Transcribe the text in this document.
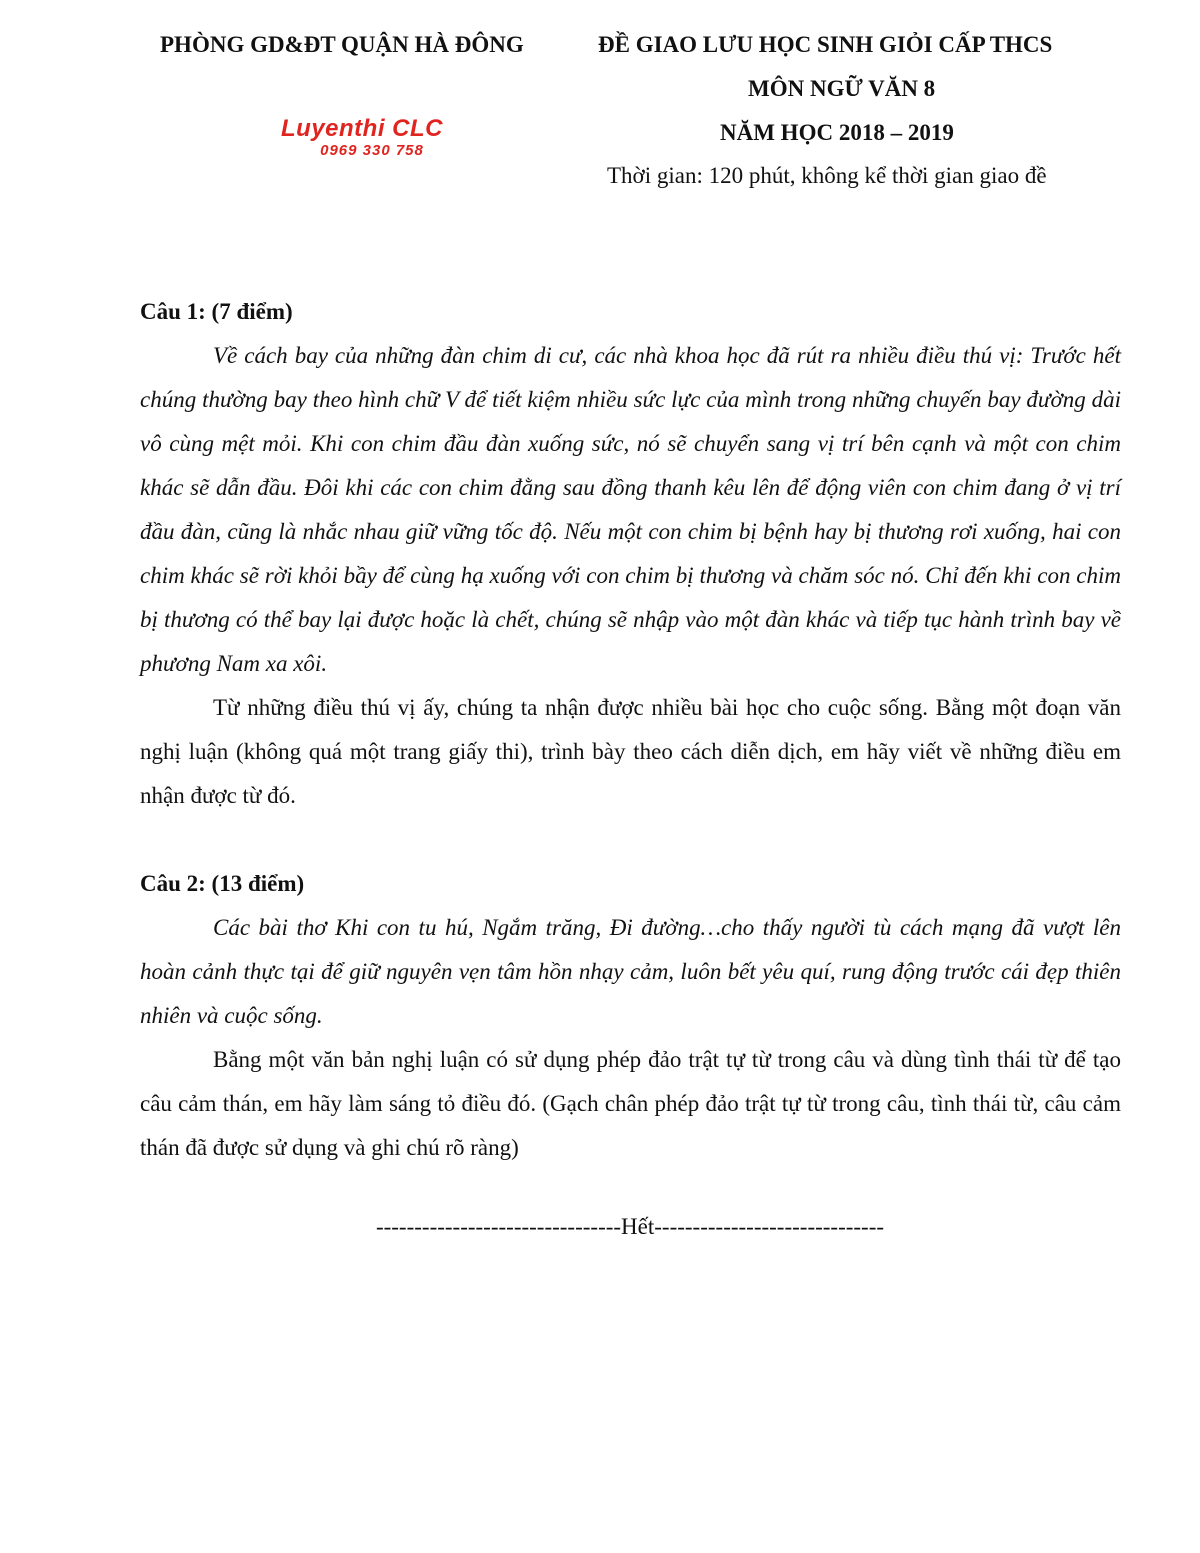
PHÒNG GD&ĐT QUẬN HÀ ĐÔNG	ĐỀ GIAO LƯU HỌC SINH GIỎI CẤP THCS
MÔN NGỮ VĂN 8
NĂM HỌC 2018 – 2019
Thời gian: 120 phút, không kể thời gian giao đề
Luyenthi CLC
0969 330 758

Câu 1: (7 điểm)

Về cách bay của những đàn chim di cư, các nhà khoa học đã rút ra nhiều điều thú vị: Trước hết chúng thường bay theo hình chữ V để tiết kiệm nhiều sức lực của mình trong những chuyến bay đường dài vô cùng mệt mỏi. Khi con chim đầu đàn xuống sức, nó sẽ chuyển sang vị trí bên cạnh và một con chim khác sẽ dẫn đầu. Đôi khi các con chim đằng sau đồng thanh kêu lên để động viên con chim đang ở vị trí đầu đàn, cũng là nhắc nhau giữ vững tốc độ. Nếu một con chim bị bệnh hay bị thương rơi xuống, hai con chim khác sẽ rời khỏi bầy để cùng hạ xuống với con chim bị thương và chăm sóc nó. Chỉ đến khi con chim bị thương có thể bay lại được hoặc là chết, chúng sẽ nhập vào một đàn khác và tiếp tục hành trình bay về phương Nam xa xôi.

Từ những điều thú vị ấy, chúng ta nhận được nhiều bài học cho cuộc sống. Bằng một đoạn văn nghị luận (không quá một trang giấy thi), trình bày theo cách diễn dịch, em hãy viết về những điều em nhận được từ đó.

Câu 2: (13 điểm)

Các bài thơ Khi con tu hú, Ngắm trăng, Đi đường…cho thấy người tù cách mạng đã vượt lên hoàn cảnh thực tại để giữ nguyên vẹn tâm hồn nhạy cảm, luôn bết yêu quí, rung động trước cái đẹp thiên nhiên và cuộc sống.

Bằng một văn bản nghị luận có sử dụng phép đảo trật tự từ trong câu và dùng tình thái từ để tạo câu cảm thán, em hãy làm sáng tỏ điều đó. (Gạch chân phép đảo trật tự từ trong câu, tình thái từ, câu cảm thán đã được sử dụng và ghi chú rõ ràng)

--------------------------------Hết------------------------------
